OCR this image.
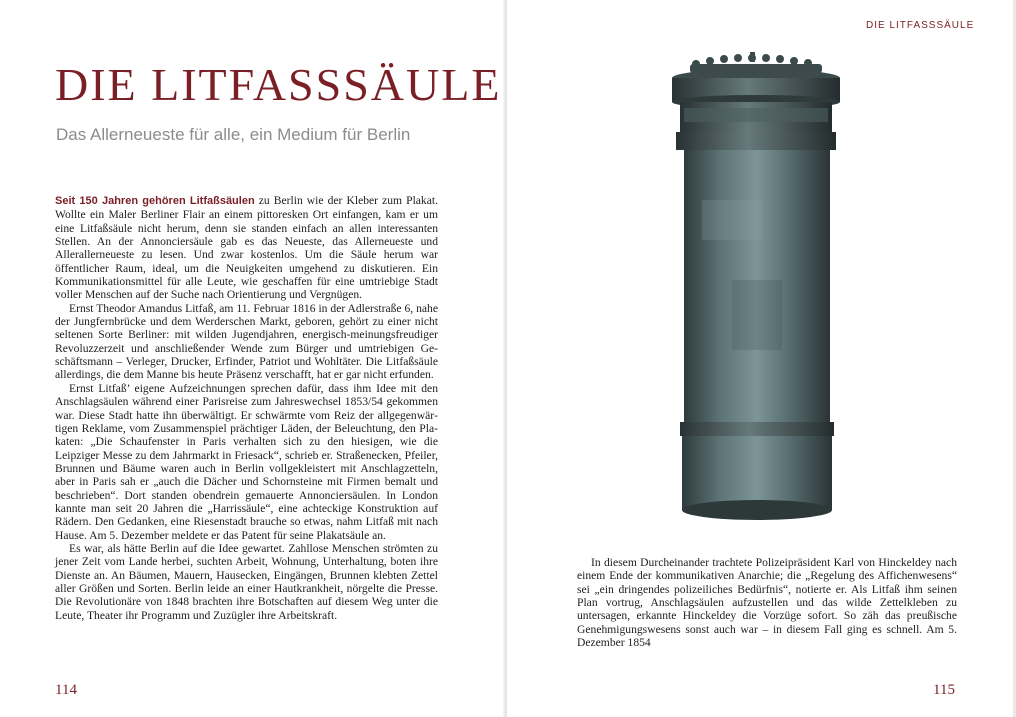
DIE LITFASSSÄULE
Das Allerneueste für alle, ein Medium für Berlin

Seit 150 Jahren gehören Litfaßsäulen zu Berlin wie der Kleber zum Plakat. Wollte ein Maler Berliner Flair an einem pittoresken Ort einfangen, kam er um eine Litfaßsäule nicht herum, denn sie standen einfach an allen interessanten Stellen. An der Annonciersäule gab es das Neueste, das Allerneueste und Allerallerneueste zu lesen. Und zwar kostenlos. Um die Säule herum war öffentlicher Raum, ideal, um die Neuigkeiten umgehend zu diskutieren. Ein Kommunikationsmittel für alle Leute, wie geschaffen für eine umtriebige Stadt voller Menschen auf der Suche nach Orientierung und Vergnügen.

Ernst Theodor Amandus Litfaß, am 11. Februar 1816 in der Adlerstraße 6, nahe der Jungfernbrücke und dem Werderschen Markt, geboren, gehört zu einer nicht seltenen Sorte Berliner: mit wilden Jugendjahren, energisch-meinungsfreudiger Revoluzzerzeit und anschließender Wende zum Bürger und umtriebigen Geschäftsmann – Verleger, Drucker, Erfinder, Patriot und Wohltäter. Die Litfaßsäule allerdings, die dem Manne bis heute Präsenz verschafft, hat er gar nicht erfunden.

Ernst Litfaß’ eigene Aufzeichnungen sprechen dafür, dass ihm Idee mit den Anschlagsäulen während einer Parisreise zum Jahreswechsel 1853/54 gekommen war. Diese Stadt hatte ihn überwältigt. Er schwärmte vom Reiz der allgegenwärtigen Reklame, vom Zusammenspiel prächtiger Läden, der Beleuchtung, den Plakaten: „Die Schaufenster in Paris verhalten sich zu den hiesigen, wie die Leipziger Messe zu dem Jahrmarkt in Friesack“, schrieb er. Straßenecken, Pfeiler, Brunnen und Bäume waren auch in Berlin vollgekleistert mit Anschlagzetteln, aber in Paris sah er „auch die Dächer und Schornsteine mit Firmen bemalt und beschrieben“. Dort standen obendrein gemauerte Annonciersäulen. In London kannte man seit 20 Jahren die „Harrissäule“, eine achteckige Konstruktion auf Rädern. Den Gedanken, eine Riesenstadt brauche so etwas, nahm Litfaß mit nach Hause. Am 5. Dezember meldete er das Patent für seine Plakatsäule an.

Es war, als hätte Berlin auf die Idee gewartet. Zahllose Menschen strömten zu jener Zeit vom Lande herbei, suchten Arbeit, Wohnung, Unterhaltung, boten ihre Dienste an. An Bäumen, Mauern, Hausecken, Eingängen, Brunnen klebten Zettel aller Größen und Sorten. Berlin leide an einer Hautkrankheit, nörgelte die Presse. Die Revolutionäre von 1848 brachten ihre Botschaften auf diesem Weg unter die Leute, Theater ihr Programm und Zuzügler ihre Arbeitskraft.

114
DIE LITFASSSÄULE

In diesem Durcheinander trachtete Polizeipräsident Karl von Hinckeldey nach einem Ende der kommunikativen Anarchie; die „Regelung des Affichenwesens“ sei „ein dringendes polizeiliches Bedürfnis“, notierte er. Als Litfaß ihm seinen Plan vortrug, Anschlagsäulen aufzustellen und das wilde Zettelkleben zu untersagen, erkannte Hinckeldey die Vorzüge sofort. So zäh das preußische Genehmigungswesens sonst auch war – in diesem Fall ging es schnell. Am 5. Dezember 1854

115
